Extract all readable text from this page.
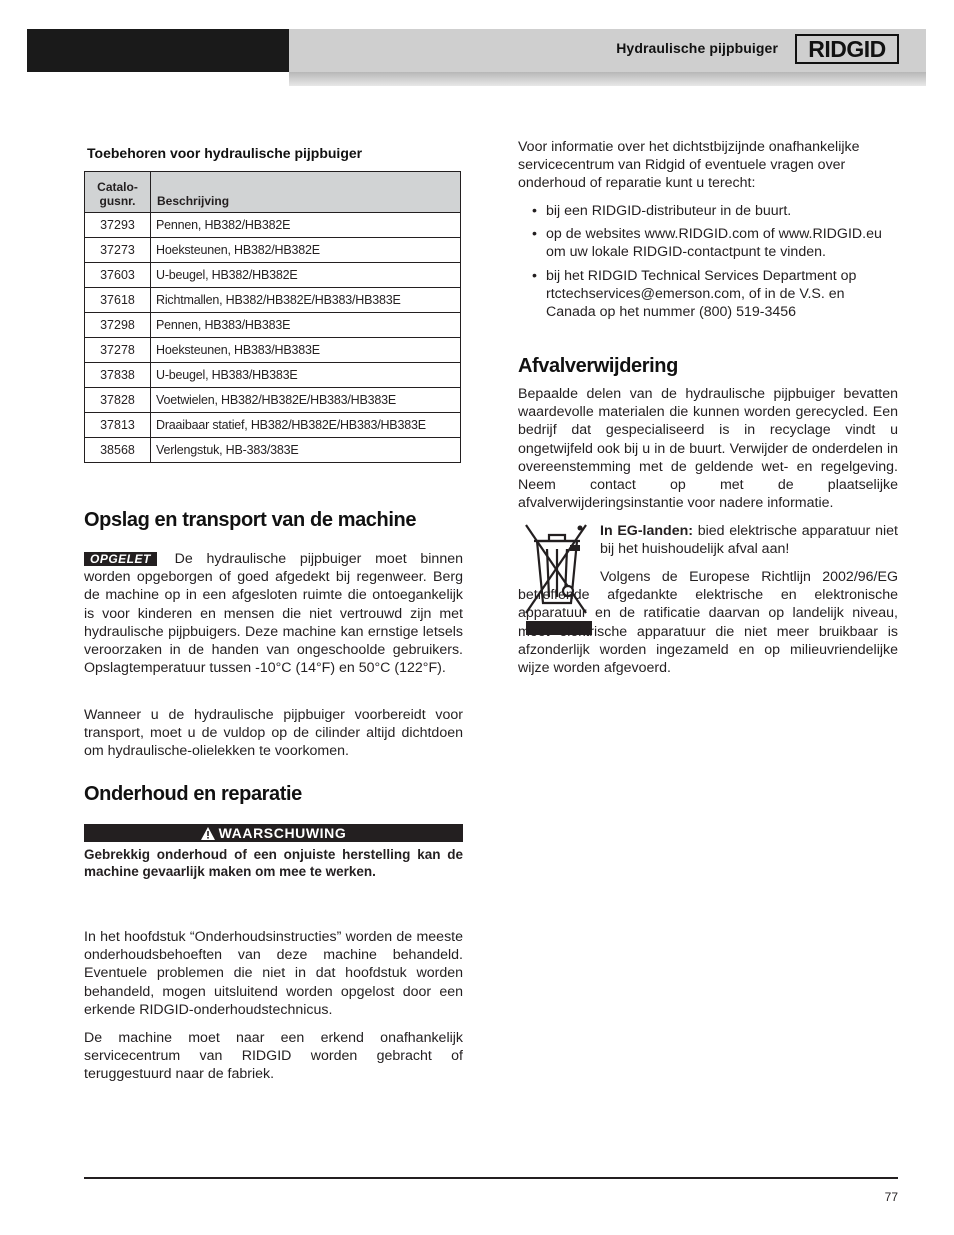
Hydraulische pijpbuiger RIDGID
Toebehoren voor hydraulische pijpbuiger
Catalo-
gusnr.	Beschrijving
37293	Pennen, HB382/HB382E
37273	Hoeksteunen, HB382/HB382E
37603	U-beugel, HB382/HB382E
37618	Richtmallen, HB382/HB382E/HB383/HB383E
37298	Pennen, HB383/HB383E
37278	Hoeksteunen, HB383/HB383E
37838	U-beugel, HB383/HB383E
37828	Voetwielen, HB382/HB382E/HB383/HB383E
37813	Draaibaar statief, HB382/HB382E/HB383/HB383E
38568	Verlengstuk, HB-383/383E
Opslag en transport van de machine
OPGELET De hydraulische pijpbuiger moet binnen worden opgeborgen of goed afgedekt bij regenweer. Berg de machine op in een afgesloten ruimte die ontoegankelijk is voor kinderen en mensen die niet vertrouwd zijn met hydraulische pijpbuigers. Deze machine kan ernstige letsels veroorzaken in de handen van ongeschoolde gebruikers. Opslagtemperatuur tussen -10°C (14°F) en 50°C (122°F).
Wanneer u de hydraulische pijpbuiger voorbereidt voor transport, moet u de vuldop op de cilinder altijd dichtdoen om hydraulische-olielekken te voorkomen.
Onderhoud en reparatie
WAARSCHUWING
Gebrekkig onderhoud of een onjuiste herstelling kan de machine gevaarlijk maken om mee te werken.
In het hoofdstuk “Onderhoudsinstructies” worden de meeste onderhoudsbehoeften van deze machine behandeld. Eventuele problemen die niet in dat hoofdstuk worden behandeld, mogen uitsluitend worden opgelost door een erkende RIDGID-onderhoudstechnicus.
De machine moet naar een erkend onafhankelijk servicecentrum van RIDGID worden gebracht of teruggestuurd naar de fabriek.
Voor informatie over het dichtstbijzijnde onafhankelijke servicecentrum van Ridgid of eventuele vragen over onderhoud of reparatie kunt u terecht:
• bij een RIDGID-distributeur in de buurt.
• op de websites www.RIDGID.com of www.RIDGID.eu om uw lokale RIDGID-contactpunt te vinden.
• bij het RIDGID Technical Services Department op rtctechservices@emerson.com, of in de V.S. en Canada op het nummer (800) 519-3456
Afvalverwijdering
Bepaalde delen van de hydraulische pijpbuiger bevatten waardevolle materialen die kunnen worden gerecycled. Een bedrijf dat gespecialiseerd is in recyclage vindt u ongetwijfeld ook bij u in de buurt. Verwijder de onderdelen in overeenstemming met de geldende wet- en regelgeving. Neem contact op met de plaatselijke afvalverwijderingsinstantie voor nadere informatie.
In EG-landen: bied elektrische apparatuur niet bij het huishoudelijk afval aan!
Volgens de Europese Richtlijn 2002/96/EG betreffende afgedankte elektrische en elektronische apparatuur en de ratificatie daarvan op landelijk niveau, moet elektrische apparatuur die niet meer bruikbaar is afzonderlijk worden ingezameld en op milieuvriendelijke wijze worden afgevoerd.
77
